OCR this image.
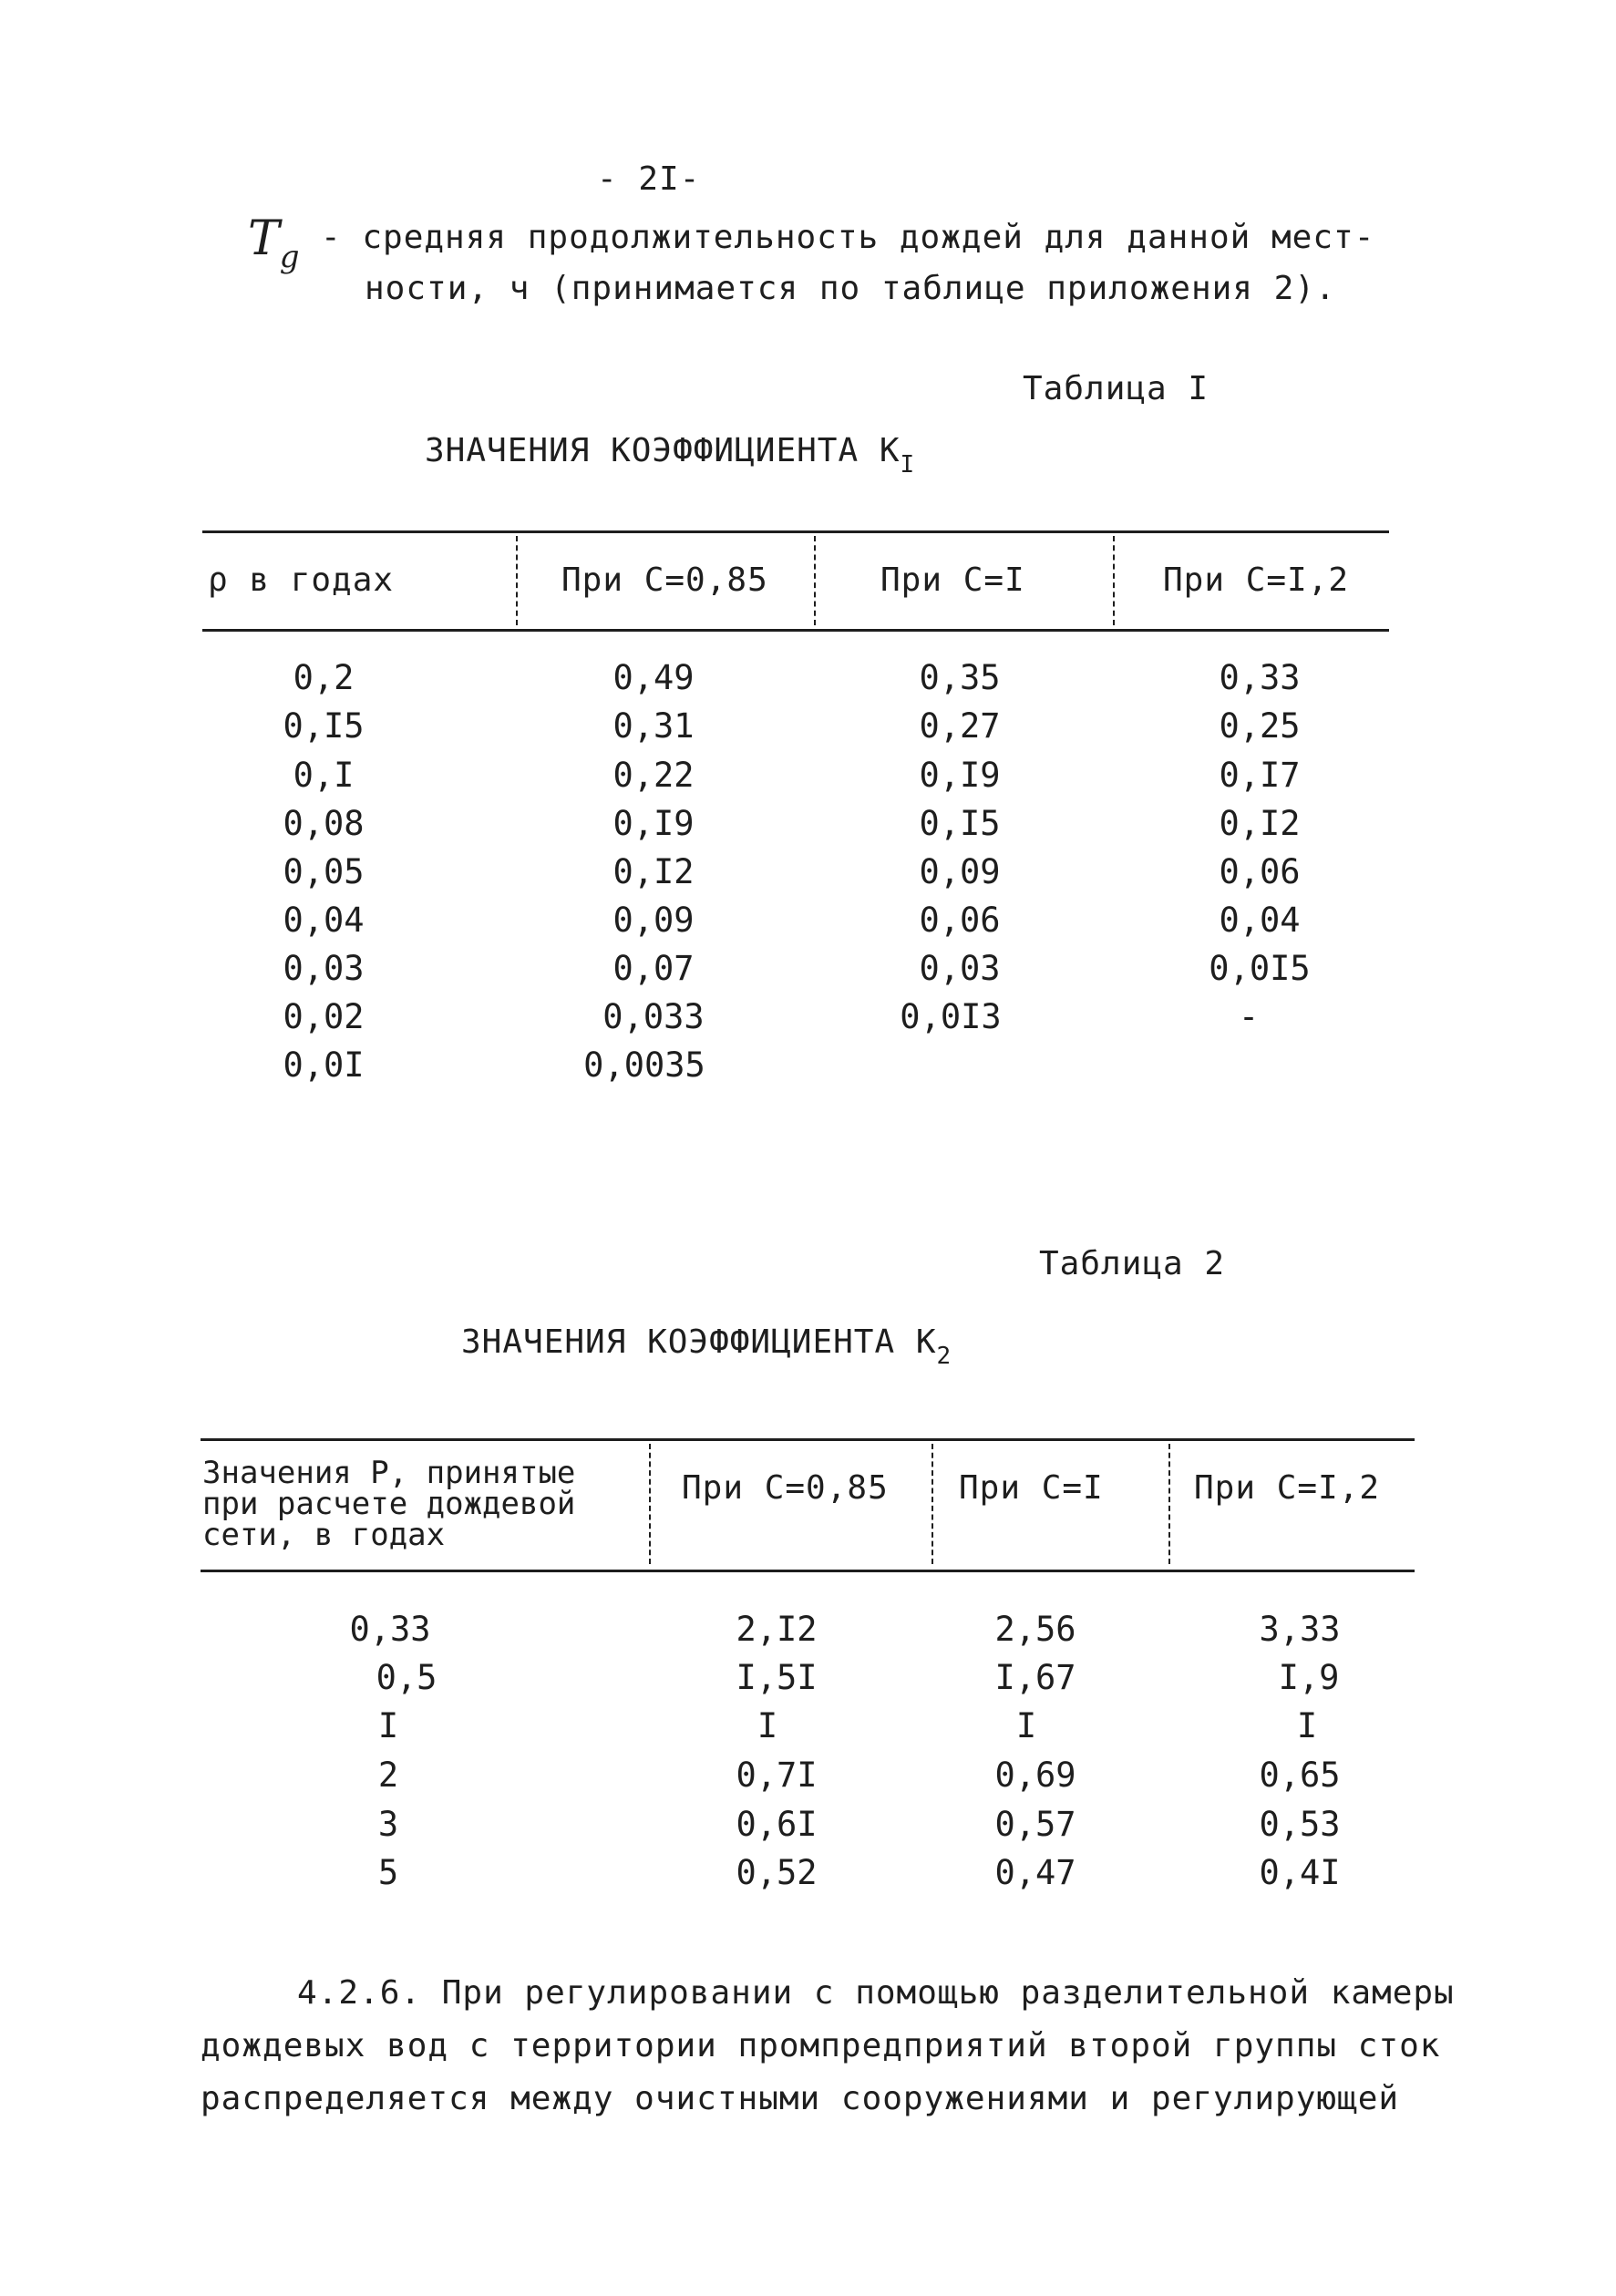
- 2I-
$T_g$
- средняя продолжительность дождей для данной мест-
ности, ч (принимается по таблице приложения 2).
Таблица I
ЗНАЧЕНИЯ КОЭФФИЦИЕНТА $К_I$
ρ в годах	При С=0,85	При С=I	При С=I,2
0,2	0,49	0,35	0,33
0,I5	0,31	0,27	0,25
0,I	0,22	0,I9	0,I7
0,08	0,I9	0,I5	0,I2
0,05	0,I2	0,09	0,06
0,04	0,09	0,06	0,04
0,03	0,07	0,03	0,0I5
0,02	0,033	0,0I3	-
0,0I	0,0035
Таблица 2
ЗНАЧЕНИЯ КОЭФФИЦИЕНТА $К_2$
Значения Р, принятые
при расчете дождевой
сети, в годах
При С=0,85 При С=I	При С=I,2
0,33	2,I2	2,56	3,33
0,5	I,5I	I,67	I,9
I	I	I	I
2	0,7I	0,69	0,65
3	0,6I	0,57	0,53
5	0,52	0,47	0,4I
4.2.6. При регулировании с помощью разделительной камеры
дождевых вод с территории промпредприятий второй группы сток
распределяется между очистными сооружениями и регулирующей
